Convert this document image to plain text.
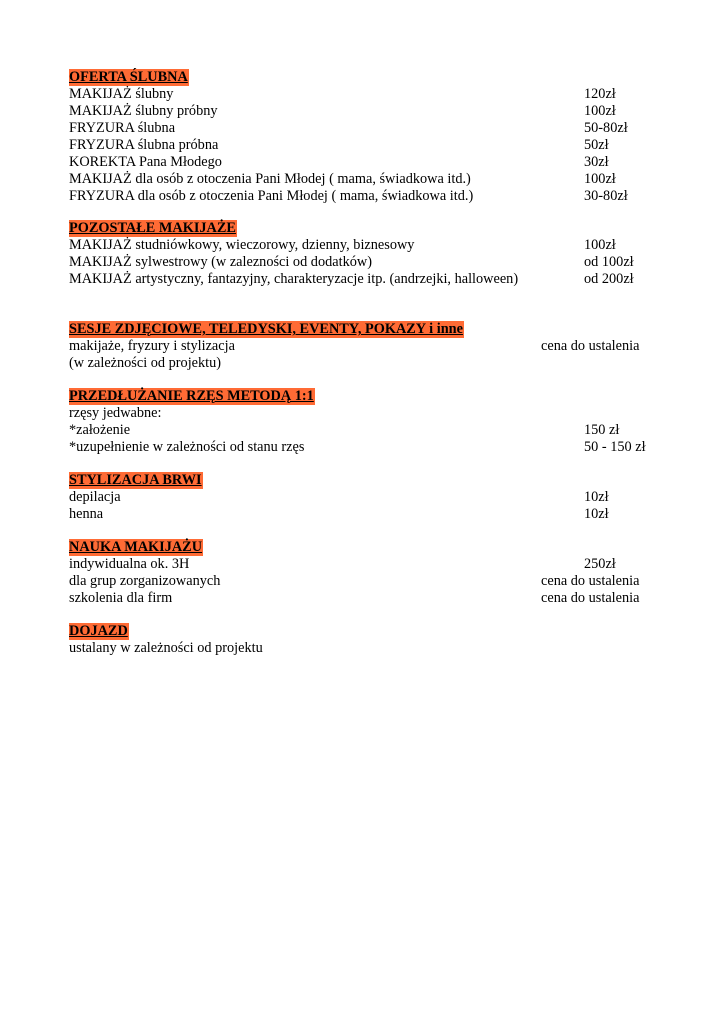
OFERTA ŚLUBNA
MAKIJAŻ ślubny	120zł
MAKIJAŻ ślubny próbny	100zł
FRYZURA ślubna	50-80zł
FRYZURA ślubna próbna	50zł
KOREKTA Pana Młodego	30zł
MAKIJAŻ dla osób z otoczenia Pani Młodej ( mama, świadkowa itd.)	100zł
FRYZURA dla osób z otoczenia Pani Młodej ( mama, świadkowa itd.)	30-80zł
POZOSTAŁE MAKIJAŻE
MAKIJAŻ studniówkowy, wieczorowy, dzienny, biznesowy	100zł
MAKIJAŻ sylwestrowy (w zalezności od dodatków)	od 100zł
MAKIJAŻ artystyczny, fantazyjny, charakteryzacje itp. (andrzejki, halloween)	od 200zł
SESJE ZDJĘCIOWE, TELEDYSKI, EVENTY, POKAZY i inne
makijaże, fryzury i stylizacja	cena do ustalenia
(w zależności od projektu)
PRZEDŁUŻANIE RZĘS METODĄ 1:1
rzęsy jedwabne:
*założenie	150 zł
*uzupełnienie w zależności od stanu rzęs	50 - 150 zł
STYLIZACJA BRWI
depilacja	10zł
henna	10zł
NAUKA MAKIJAŻU
indywidualna ok. 3H	250zł
dla grup zorganizowanych	cena do ustalenia
szkolenia dla firm	cena do ustalenia
DOJAZD
ustalany w zależności od projektu
